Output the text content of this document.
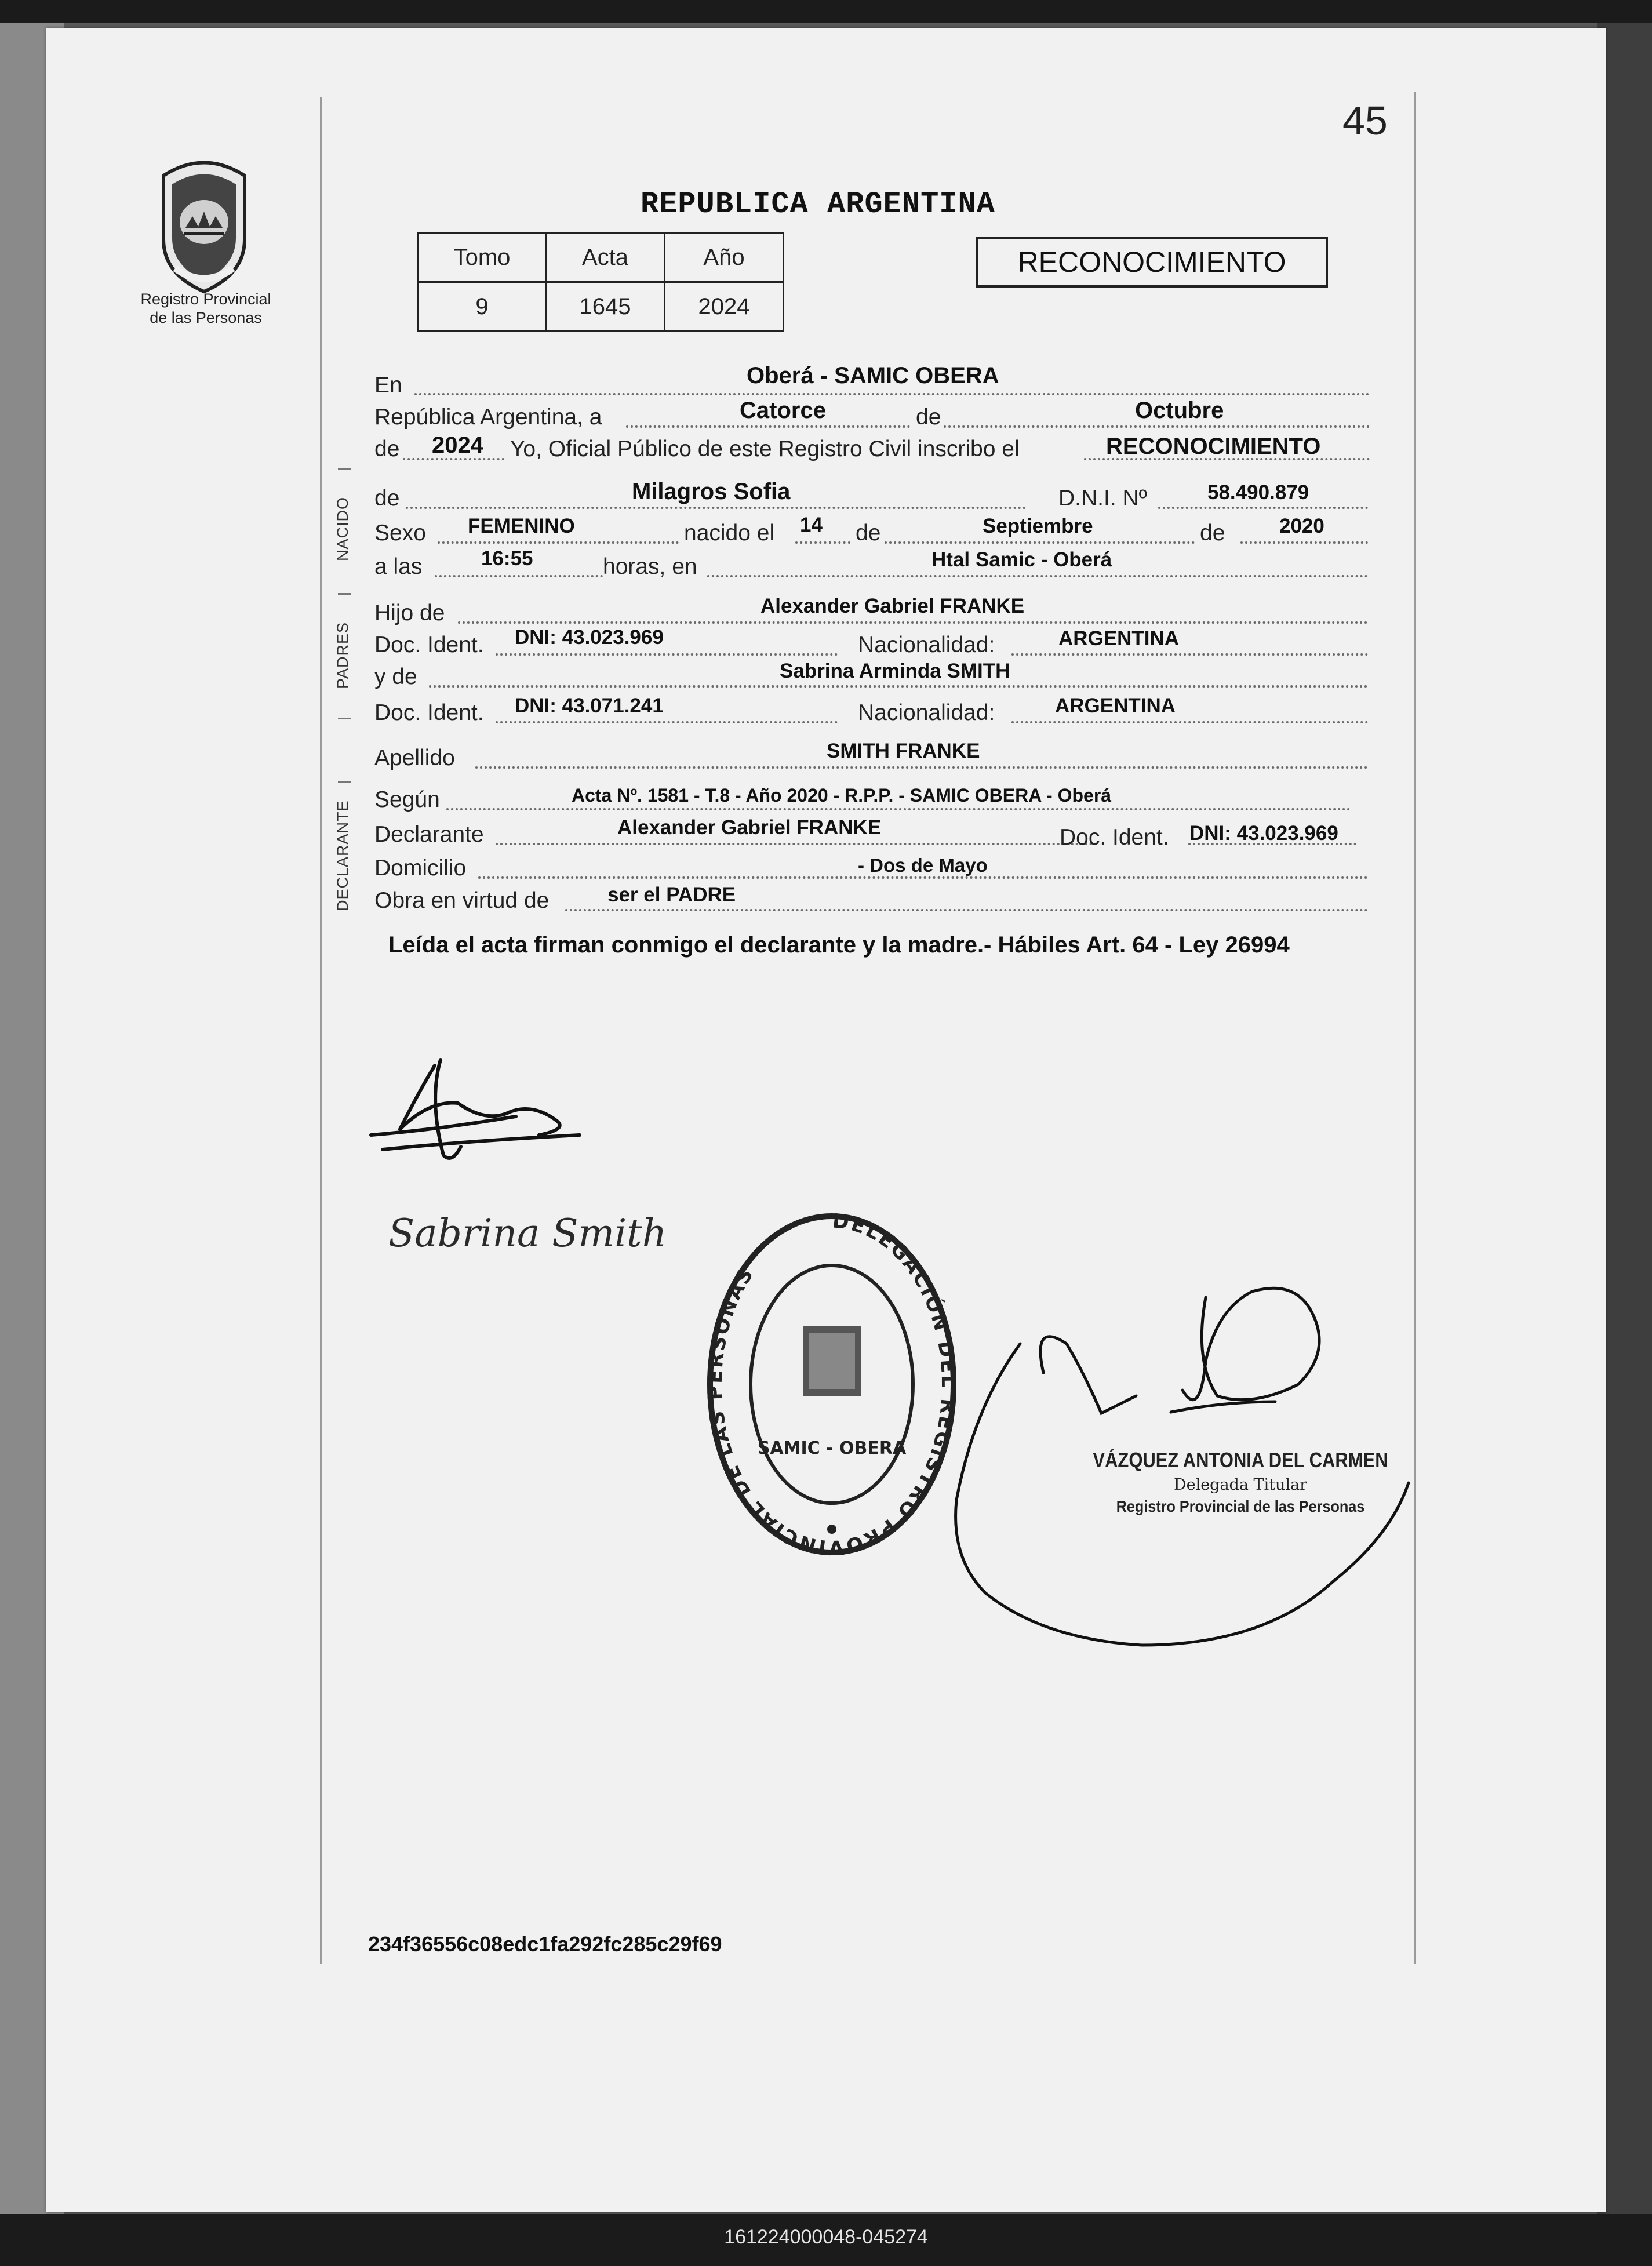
45
REPUBLICA ARGENTINA
Registro Provincial
de las Personas
Tomo	Acta	Año
9	1645	2024
RECONOCIMIENTO
En	Oberá - SAMIC OBERA
República Argentina, a	Catorce	de	Octubre
de 2024 Yo, Oficial Público de este Registro Civil inscribo el	RECONOCIMIENTO
NACIDO de	Milagros Sofia	D.N.I. Nº	58.490.879
Sexo FEMENINO	nacido el 14 de	Septiembre	de	2020
a las	16:55	horas, en	Htal Samic - Oberá
PADRES
Hijo de	Alexander Gabriel FRANKE
Doc. Ident. DNI: 43.023.969	Nacionalidad:	ARGENTINA
y de	Sabrina Arminda SMITH
Doc. Ident. DNI: 43.071.241	Nacionalidad:	ARGENTINA
Apellido	SMITH FRANKE
DECLARANTE
Según	Acta Nº. 1581 - T.8 - Año 2020 - R.P.P. - SAMIC OBERA - Oberá
Declarante	Alexander Gabriel FRANKE	Doc. Ident. DNI: 43.023.969
Domicilio	- Dos de Mayo
Obra en virtud de	ser el PADRE
Leída el acta firman conmigo el declarante y la madre.- Hábiles Art. 64 - Ley 26994
Sabrina Smith	DELEGACIÓN DEL REGISTRO PROVINCIAL DE LAS PERSONAS
SAMIC - OBERA	VÁZQUEZ ANTONIA DEL CARMEN
Delegada Titular
Registro Provincial de las Personas
234f36556c08edc1fa292fc285c29f69
161224000048-045274
